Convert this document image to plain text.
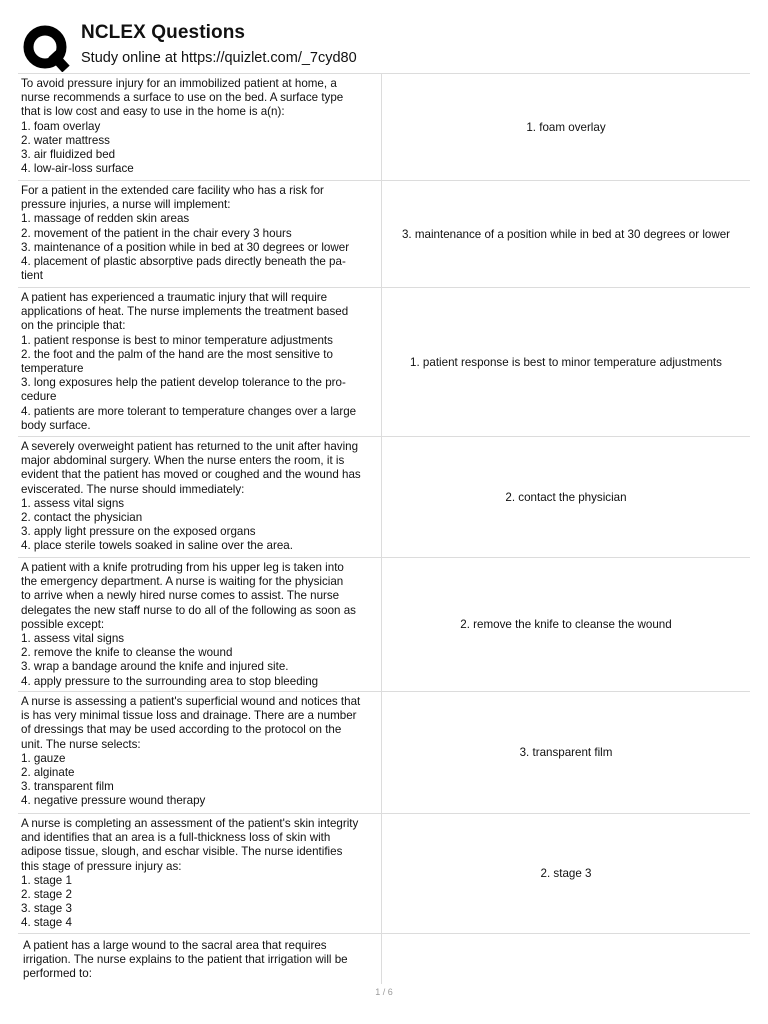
NCLEX Questions
Study online at https://quizlet.com/_7cyd80
To avoid pressure injury for an immobilized patient at home, a
nurse recommends a surface to use on the bed. A surface type
that is low cost and easy to use in the home is a(n):
1. foam overlay
2. water mattress
3. air fluidized bed
4. low-air-loss surface
1. foam overlay
For a patient in the extended care facility who has a risk for
pressure injuries, a nurse will implement:
1. massage of redden skin areas
2. movement of the patient in the chair every 3 hours
3. maintenance of a position while in bed at 30 degrees or lower
4. placement of plastic absorptive pads directly beneath the pa-
tient
3. maintenance of a position while in bed at 30 degrees or lower
A patient has experienced a traumatic injury that will require
applications of heat. The nurse implements the treatment based
on the principle that:
1. patient response is best to minor temperature adjustments
2. the foot and the palm of the hand are the most sensitive to
temperature
3. long exposures help the patient develop tolerance to the pro-
cedure
4. patients are more tolerant to temperature changes over a large
body surface.
1. patient response is best to minor temperature adjustments
A severely overweight patient has returned to the unit after having
major abdominal surgery. When the nurse enters the room, it is
evident that the patient has moved or coughed and the wound has
eviscerated. The nurse should immediately:
1. assess vital signs
2. contact the physician
3. apply light pressure on the exposed organs
4. place sterile towels soaked in saline over the area.
2. contact the physician
A patient with a knife protruding from his upper leg is taken into
the emergency department. A nurse is waiting for the physician
to arrive when a newly hired nurse comes to assist. The nurse
delegates the new staff nurse to do all of the following as soon as
possible except:
1. assess vital signs
2. remove the knife to cleanse the wound
3. wrap a bandage around the knife and injured site.
4. apply pressure to the surrounding area to stop bleeding
2. remove the knife to cleanse the wound
A nurse is assessing a patient's superficial wound and notices that
is has very minimal tissue loss and drainage. There are a number
of dressings that may be used according to the protocol on the
unit. The nurse selects:
1. gauze
2. alginate
3. transparent film
4. negative pressure wound therapy
3. transparent film
A nurse is completing an assessment of the patient's skin integrity
and identifies that an area is a full-thickness loss of skin with
adipose tissue, slough, and eschar visible. The nurse identifies
this stage of pressure injury as:
1. stage 1
2. stage 2
3. stage 3
4. stage 4
2. stage 3
A patient has a large wound to the sacral area that requires
irrigation. The nurse explains to the patient that irrigation will be
performed to:
1 / 6
